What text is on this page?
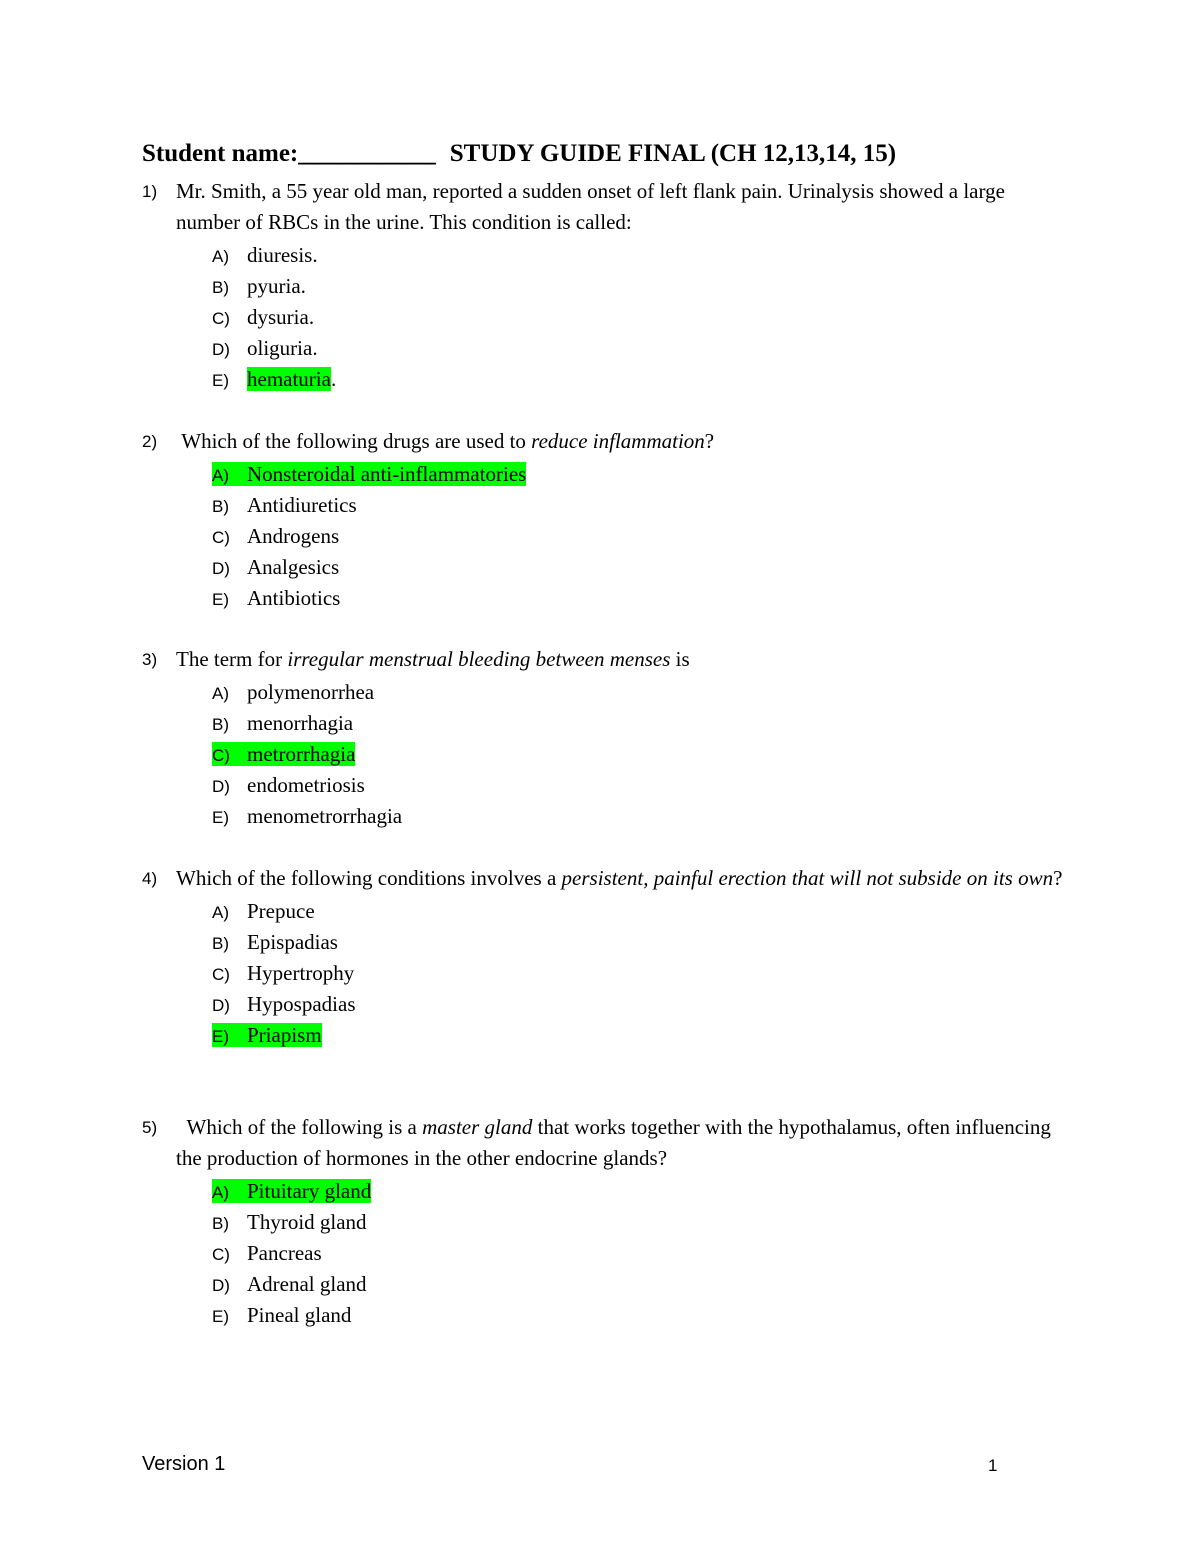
Student name:___________ STUDY GUIDE FINAL (CH 12,13,14, 15)
1) Mr. Smith, a 55 year old man, reported a sudden onset of left flank pain. Urinalysis showed a large number of RBCs in the urine. This condition is called:
A) diuresis.
B) pyuria.
C) dysuria.
D) oliguria.
E) hematuria.
2) Which of the following drugs are used to reduce inflammation?
A) Nonsteroidal anti-inflammatories
B) Antidiuretics
C) Androgens
D) Analgesics
E) Antibiotics
3) The term for irregular menstrual bleeding between menses is
A) polymenorrhea
B) menorrhagia
C) metrorrhagia
D) endometriosis
E) menometrorrhagia
4) Which of the following conditions involves a persistent, painful erection that will not subside on its own?
A) Prepuce
B) Epispadias
C) Hypertrophy
D) Hypospadias
E) Priapism
5) Which of the following is a master gland that works together with the hypothalamus, often influencing the production of hormones in the other endocrine glands?
A) Pituitary gland
B) Thyroid gland
C) Pancreas
D) Adrenal gland
E) Pineal gland
Version 1	1
